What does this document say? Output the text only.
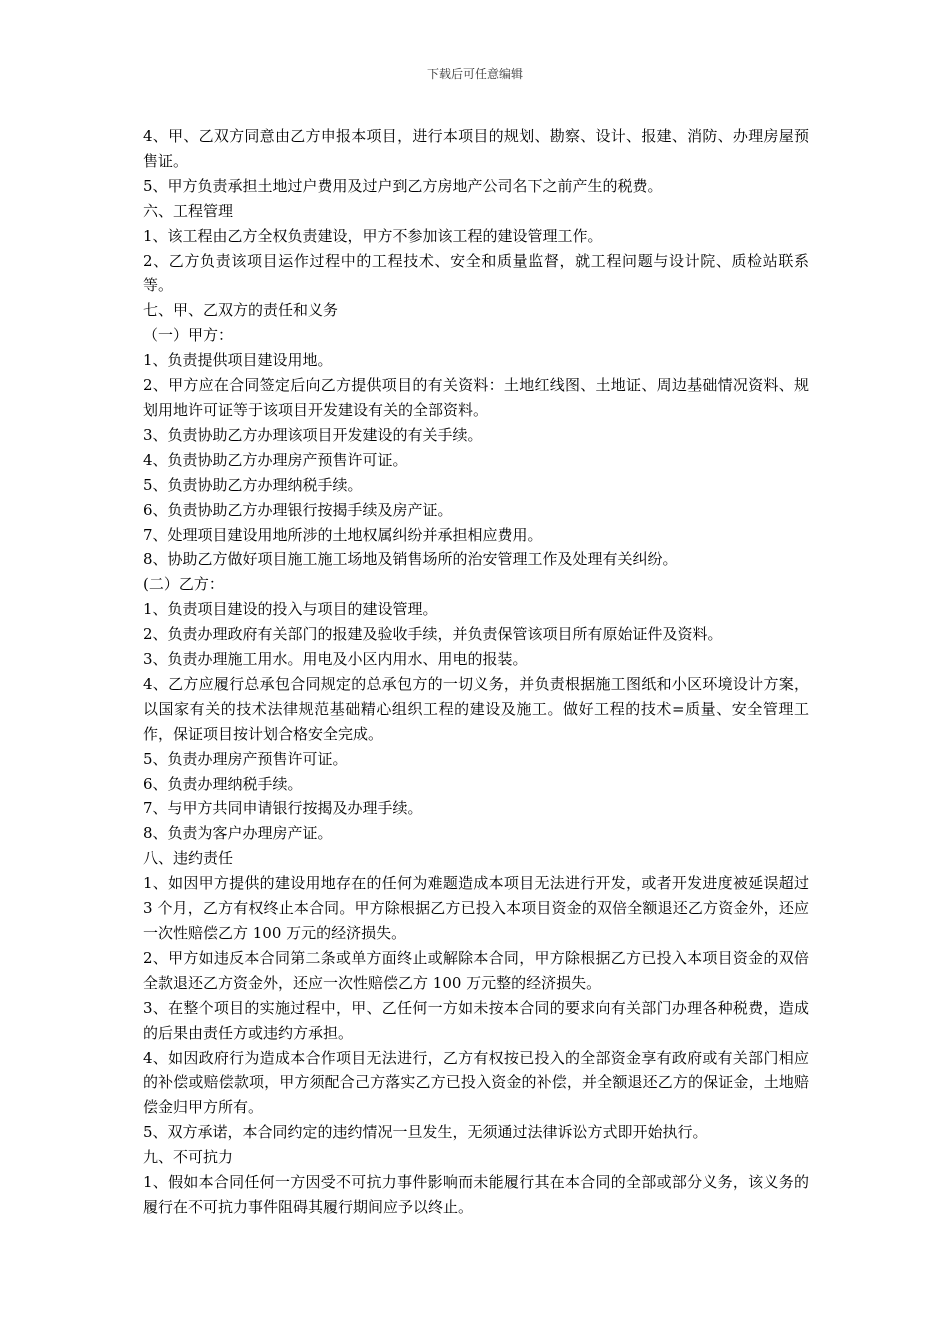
下载后可任意编辑

4、甲、乙双方同意由乙方申报本项目，进行本项目的规划、勘察、设计、报建、消防、办理房屋预售证。

5、甲方负责承担土地过户费用及过户到乙方房地产公司名下之前产生的税费。

六、工程管理

1、该工程由乙方全权负责建设，甲方不参加该工程的建设管理工作。

2、乙方负责该项目运作过程中的工程技术、安全和质量监督，就工程问题与设计院、质检站联系等。

七、甲、乙双方的责任和义务

（一）甲方：

1、负责提供项目建设用地。

2、甲方应在合同签定后向乙方提供项目的有关资料：土地红线图、土地证、周边基础情况资料、规划用地许可证等于该项目开发建设有关的全部资料。

3、负责协助乙方办理该项目开发建设的有关手续。

4、负责协助乙方办理房产预售许可证。

5、负责协助乙方办理纳税手续。

6、负责协助乙方办理银行按揭手续及房产证。

7、处理项目建设用地所涉的土地权属纠纷并承担相应费用。

8、协助乙方做好项目施工施工场地及销售场所的治安管理工作及处理有关纠纷。

(二）乙方：

1、负责项目建设的投入与项目的建设管理。

2、负责办理政府有关部门的报建及验收手续，并负责保管该项目所有原始证件及资料。

3、负责办理施工用水。用电及小区内用水、用电的报装。

4、乙方应履行总承包合同规定的总承包方的一切义务，并负责根据施工图纸和小区环境设计方案，以国家有关的技术法律规范基础精心组织工程的建设及施工。做好工程的技术=质量、安全管理工作，保证项目按计划合格安全完成。

5、负责办理房产预售许可证。

6、负责办理纳税手续。

7、与甲方共同申请银行按揭及办理手续。

8、负责为客户办理房产证。

八、违约责任

1、如因甲方提供的建设用地存在的任何为难题造成本项目无法进行开发，或者开发进度被延误超过 3 个月，乙方有权终止本合同。甲方除根据乙方已投入本项目资金的双倍全额退还乙方资金外，还应一次性赔偿乙方 100 万元的经济损失。

2、甲方如违反本合同第二条或单方面终止或解除本合同，甲方除根据乙方已投入本项目资金的双倍全款退还乙方资金外，还应一次性赔偿乙方 100 万元整的经济损失。

3、在整个项目的实施过程中，甲、乙任何一方如未按本合同的要求向有关部门办理各种税费，造成的后果由责任方或违约方承担。

4、如因政府行为造成本合作项目无法进行，乙方有权按已投入的全部资金享有政府或有关部门相应的补偿或赔偿款项，甲方须配合己方落实乙方已投入资金的补偿，并全额退还乙方的保证金，土地赔偿金归甲方所有。

5、双方承诺，本合同约定的违约情况一旦发生，无须通过法律诉讼方式即开始执行。

九、不可抗力

1、假如本合同任何一方因受不可抗力事件影响而未能履行其在本合同的全部或部分义务，该义务的履行在不可抗力事件阻碍其履行期间应予以终止。
